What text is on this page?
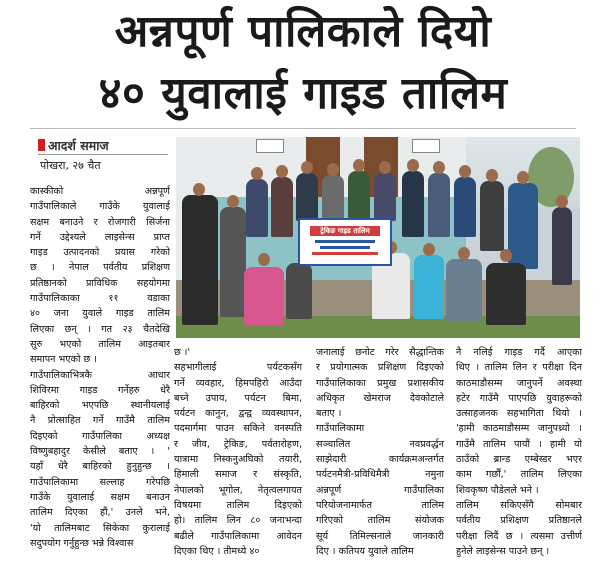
अन्नपूर्ण पालिकाले दियो
४० युवालाई गाइड तालिम
आदर्श समाज
पोखरा, २७ चैत
ट्रेकिङ गाइड तालिम
कास्कीको अन्नपूर्ण
गाउँपालिकाले गाउँके युवालाई
सक्षम बनाउने र रोजगारी सिर्जना
गर्ने उद्देश्यले लाइसेन्स प्राप्त
गाइड उत्पादनको प्रयास गरेको
छ । नेपाल पर्वतीय प्रशिक्षण
प्रतिष्ठानको प्राविधिक सहयोगमा
गाउँपालिकाका ११ वडाका
४० जना युवाले गाइड तालिम
लिएका छन् । गत २३ चैतदेखि
सुरु भएको तालिम आइतबार
समापन भएको छ ।
गाउँपालिकाभित्रकै आधार
शिविरमा गाइड गर्नेहरु धेरै
बाहिरको भएपछि स्थानीयलाई
नै प्रोत्साहित गर्ने गाउँमै तालिम
दिइएको गाउँपालिका अध्यक्ष
विष्णुबहादुर केसीले बताए । '
यहाँ धेरै बाहिरको हुनुहुन्छ ।
गाउँपालिकामा सल्लाह गरेपछि
गाउँके युवालाई सक्षम बनाउन
तालिम दिएका हौं,' उनले भने,
'यो तालिमबाट सिकेका कुरालाई
सदुपयोग गर्नुहुन्छ भन्ने विश्वास
छ ।'
सहभागीलाई पर्यटकसँग
गर्ने व्यवहार, हिमपहिरो आउँदा
बच्ने उपाय, पर्यटन बिमा,
पर्यटन कानुन, द्वन्द्व व्यवस्थापन,
पदमार्गमा पाउन सकिने वनस्पति
र जीव, ट्रेकिङ, पर्वतारोहण,
यात्रामा निस्कनुअघिको तयारी,
हिमाली समाज र संस्कृति,
नेपालको भूगोल, नेतृत्वलगायत
विषयमा तालिम दिइएको
हो। तालिम लिन ८० जनाभन्दा
बढीले गाउँपालिकामा आवेदन
दिएका थिए । तीमध्ये ४०
जनालाई छनोट गरेर सैद्धान्तिक
र प्रयोगात्मक प्रशिक्षण दिइएको
गाउँपालिकाका प्रमुख प्रशासकीय
अधिकृत खेमराज देवकोटाले
बताए ।
गाउँपालिकामा
सञ्चालित नवप्रवर्द्धन
साझेदारी कार्यक्रमअन्तर्गत
पर्यटनमैत्री-प्रविधिमैत्री नमुना
अन्नपूर्ण गाउँपालिका
परियोजनामार्फत तालिम
गरिएको तालिम संयोजक
सूर्य तिमिल्सनाले जानकारी
दिए । कतिपय युवाले तालिम
नै नलिई गाइड गर्दै आएका
थिए । तालिम लिन र परीक्षा दिन
काठमाडौसम्म जानुपर्ने अवस्था
हटेर गाउँमै पाएपछि युवाहरूको
उत्साहजनक सहभागिता थियो ।
'हामी काठमाडौसम्म जानुपथ्र्यो ।
गाउँमै तालिम पायौं । हामी यो
ठाउँको ब्रान्ड एम्बेस्डर भएर
काम गर्छौं,' तालिम लिएका
शिवकृष्ण पौडेलले भने ।
तालिम सकिएसँगै सोमबार
पर्वतीय प्रशिक्षण प्रतिष्ठानले
परीक्षा लिदैं छ । त्यसमा उत्तीर्ण
हुनेले लाइसेन्स पाउने छन् ।
